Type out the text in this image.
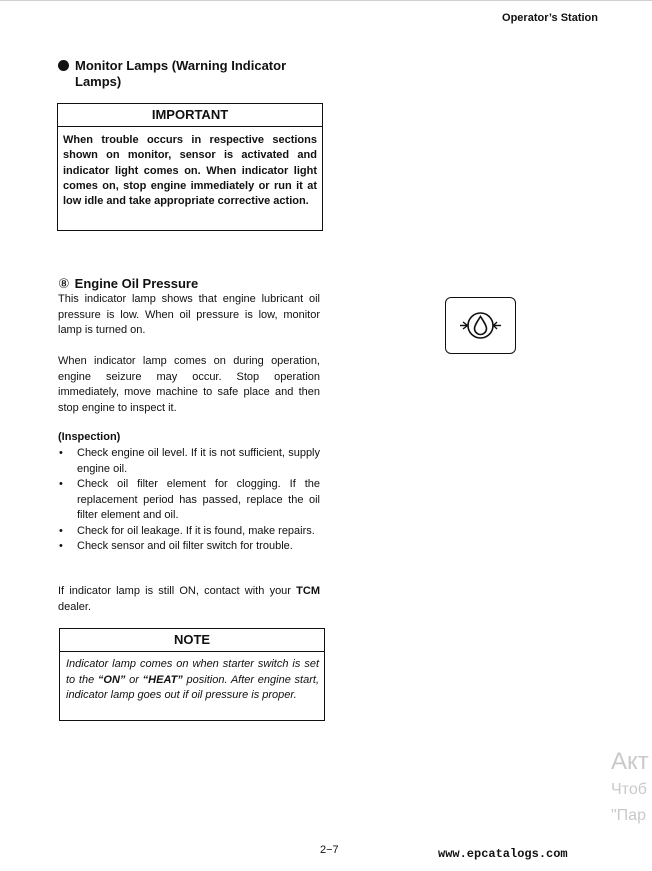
Operator’s Station
Monitor Lamps (Warning Indicator Lamps)
IMPORTANT
When trouble occurs in respective sections shown on monitor, sensor is activated and indicator light comes on. When indicator light comes on, stop engine immediately or run it at low idle and take appropriate corrective action.
⑧ Engine Oil Pressure
This indicator lamp shows that engine lubricant oil pressure is low. When oil pressure is low, monitor lamp is turned on.
When indicator lamp comes on during operation, engine seizure may occur. Stop operation immediately, move machine to safe place and then stop engine to inspect it.
(Inspection)
• Check engine oil level. If it is not sufficient, supply engine oil.
• Check oil filter element for clogging. If the replacement period has passed, replace the oil filter element and oil.
• Check for oil leakage. If it is found, make repairs.
• Check sensor and oil filter switch for trouble.
If indicator lamp is still ON, contact with your TCM dealer.
NOTE
Indicator lamp comes on when starter switch is set to the “ON” or “HEAT” position. After engine start, indicator lamp goes out if oil pressure is proper.
Акт
Чтоб
"Пар
2−7	www.epcatalogs.com
